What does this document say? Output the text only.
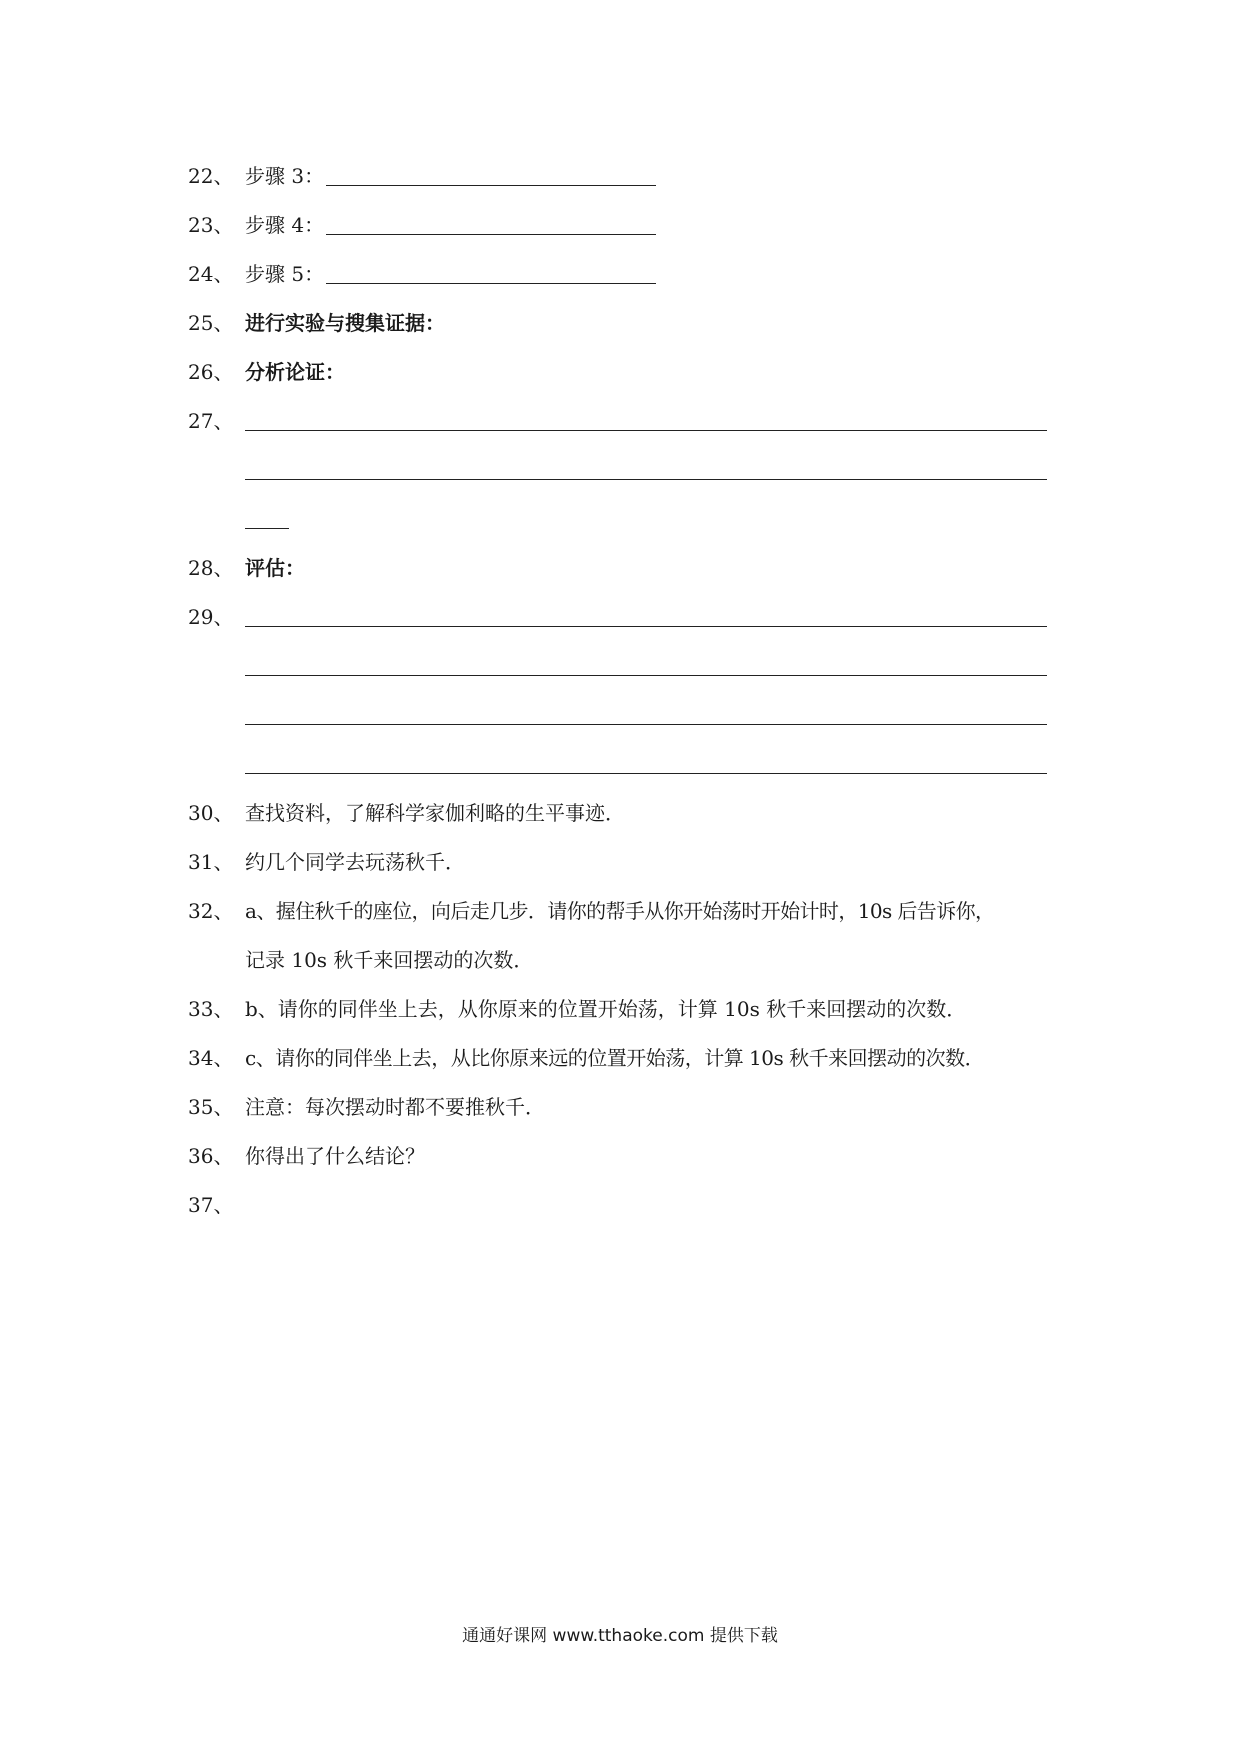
22、 步骤 3：
23、 步骤 4：
24、 步骤 5：
25、 进行实验与搜集证据：
26、 分析论证：
27、
28、 评估：
29、
30、 查找资料，了解科学家伽利略的生平事迹．
31、 约几个同学去玩荡秋千．
32、 a、握住秋千的座位，向后走几步．请你的帮手从你开始荡时开始计时，10s 后告诉你，
记录 10s 秋千来回摆动的次数．
33、 b、请你的同伴坐上去，从你原来的位置开始荡，计算 10s 秋千来回摆动的次数．
34、 c、请你的同伴坐上去，从比你原来远的位置开始荡，计算 10s 秋千来回摆动的次数．
35、 注意：每次摆动时都不要推秋千．
36、 你得出了什么结论？
37、
通通好课网 www.tthaoke.com 提供下载
